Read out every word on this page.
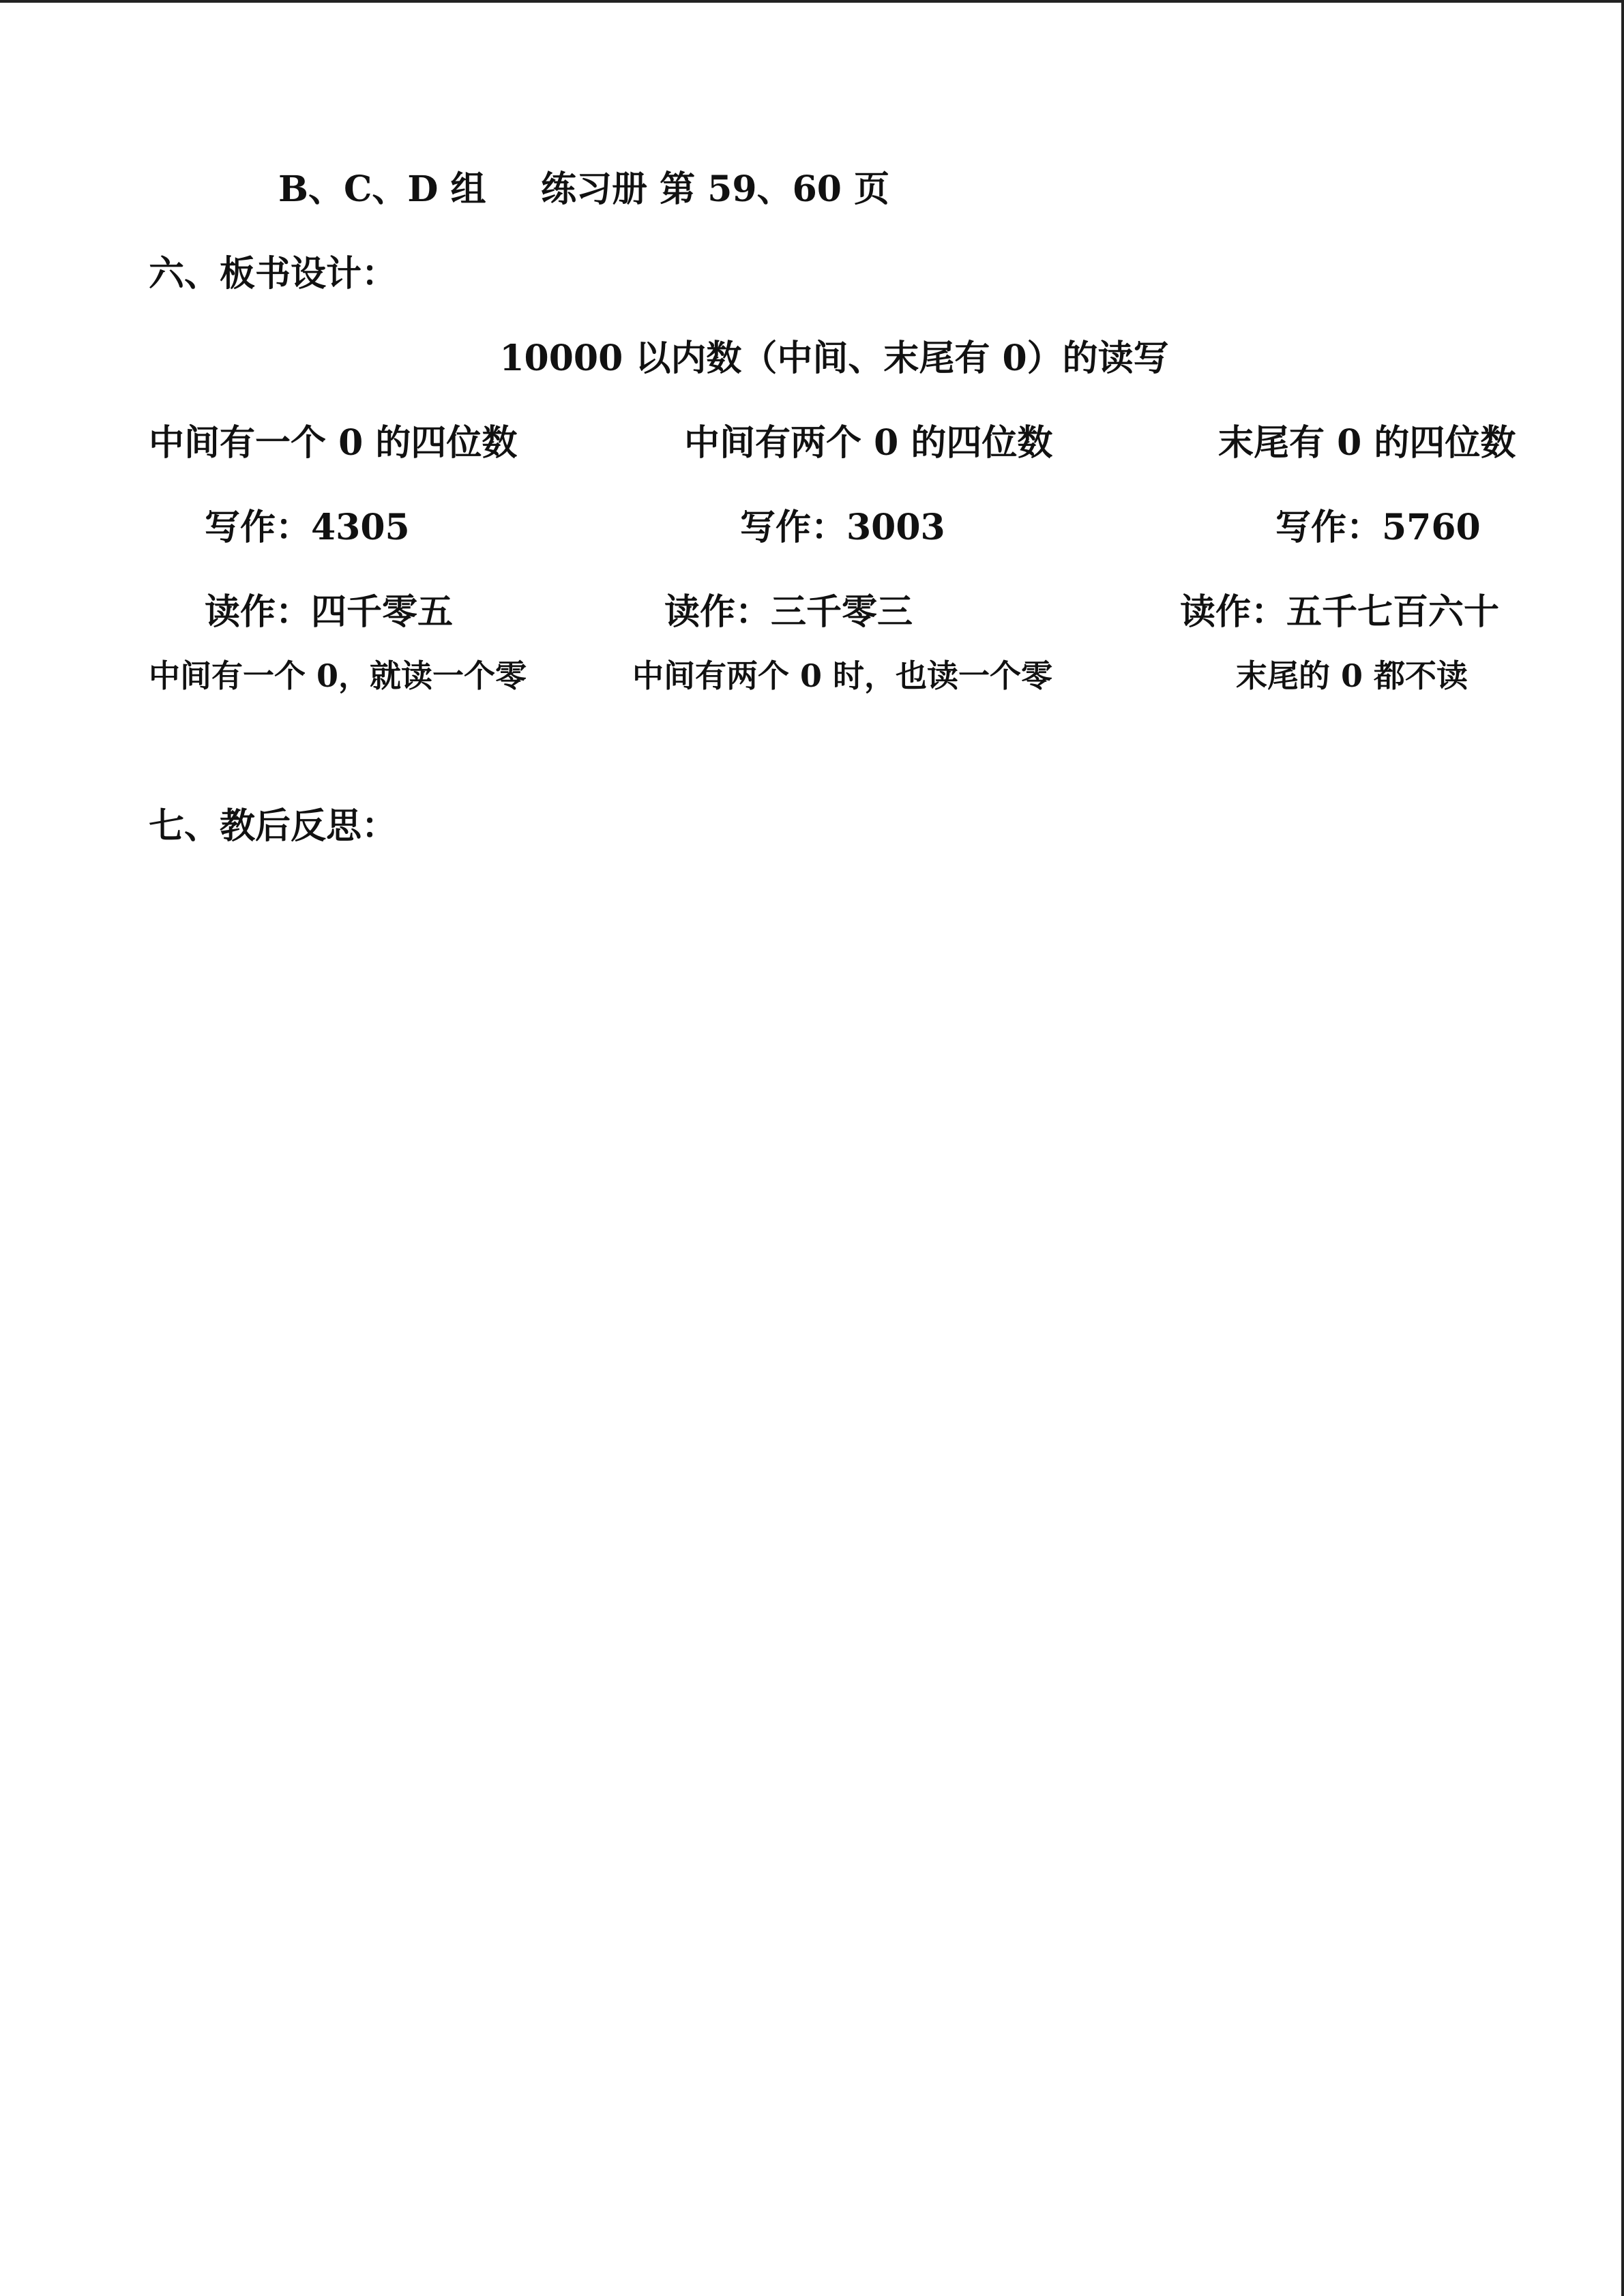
B、C、D 组 练习册 第 59、60 页
六、板书设计：
10000 以内数（中间、末尾有 0）的读写
中间有一个 0 的四位数	中间有两个 0 的四位数	末尾有 0 的四位数
写作：4305	写作：3003	写作：5760
读作：四千零五	读作：三千零三	读作：五千七百六十
中间有一个 0，就读一个零	中间有两个 0 时，也读一个零	末尾的 0 都不读
七、教后反思：
